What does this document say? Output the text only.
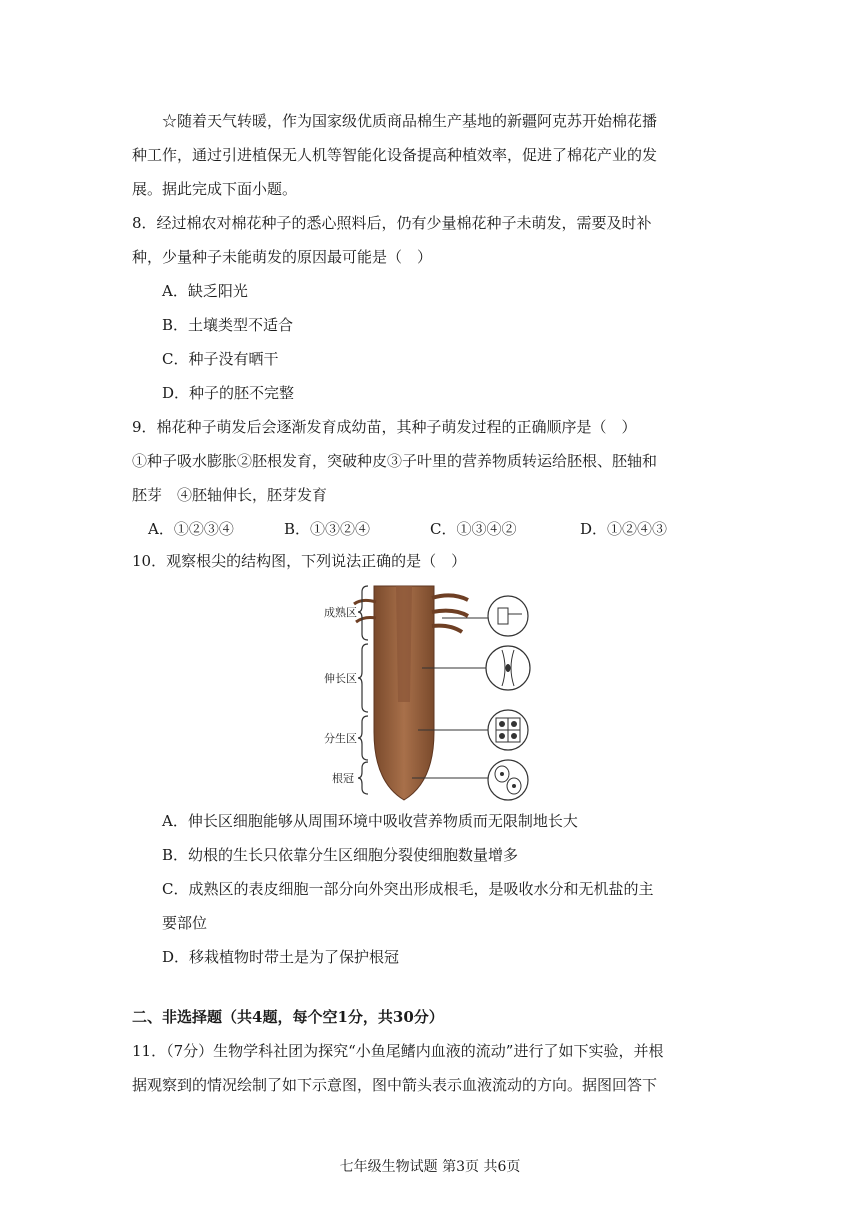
☆随着天气转暖，作为国家级优质商品棉生产基地的新疆阿克苏开始棉花播
种工作，通过引进植保无人机等智能化设备提高种植效率，促进了棉花产业的发
展。据此完成下面小题。
8．经过棉农对棉花种子的悉心照料后，仍有少量棉花种子未萌发，需要及时补
种，少量种子未能萌发的原因最可能是（　）
A．缺乏阳光
B．土壤类型不适合
C．种子没有晒干
D．种子的胚不完整
9．棉花种子萌发后会逐渐发育成幼苗，其种子萌发过程的正确顺序是（　）
①种子吸水膨胀②胚根发育，突破种皮③子叶里的营养物质转运给胚根、胚轴和
胚芽　④胚轴伸长，胚芽发育
A．①②③④	B．①③②④	C．①③④②	D．①②④③
10．观察根尖的结构图，下列说法正确的是（　）
成熟区
伸长区
分生区
根冠
A．伸长区细胞能够从周围环境中吸收营养物质而无限制地长大
B．幼根的生长只依靠分生区细胞分裂使细胞数量增多
C．成熟区的表皮细胞一部分向外突出形成根毛，是吸收水分和无机盐的主
要部位
D．移栽植物时带土是为了保护根冠
二、非选择题（共4题，每个空1分，共30分）
11．（7分）生物学科社团为探究“小鱼尾鳍内血液的流动”进行了如下实验，并根
据观察到的情况绘制了如下示意图，图中箭头表示血液流动的方向。据图回答下
七年级生物试题 第3页 共6页
